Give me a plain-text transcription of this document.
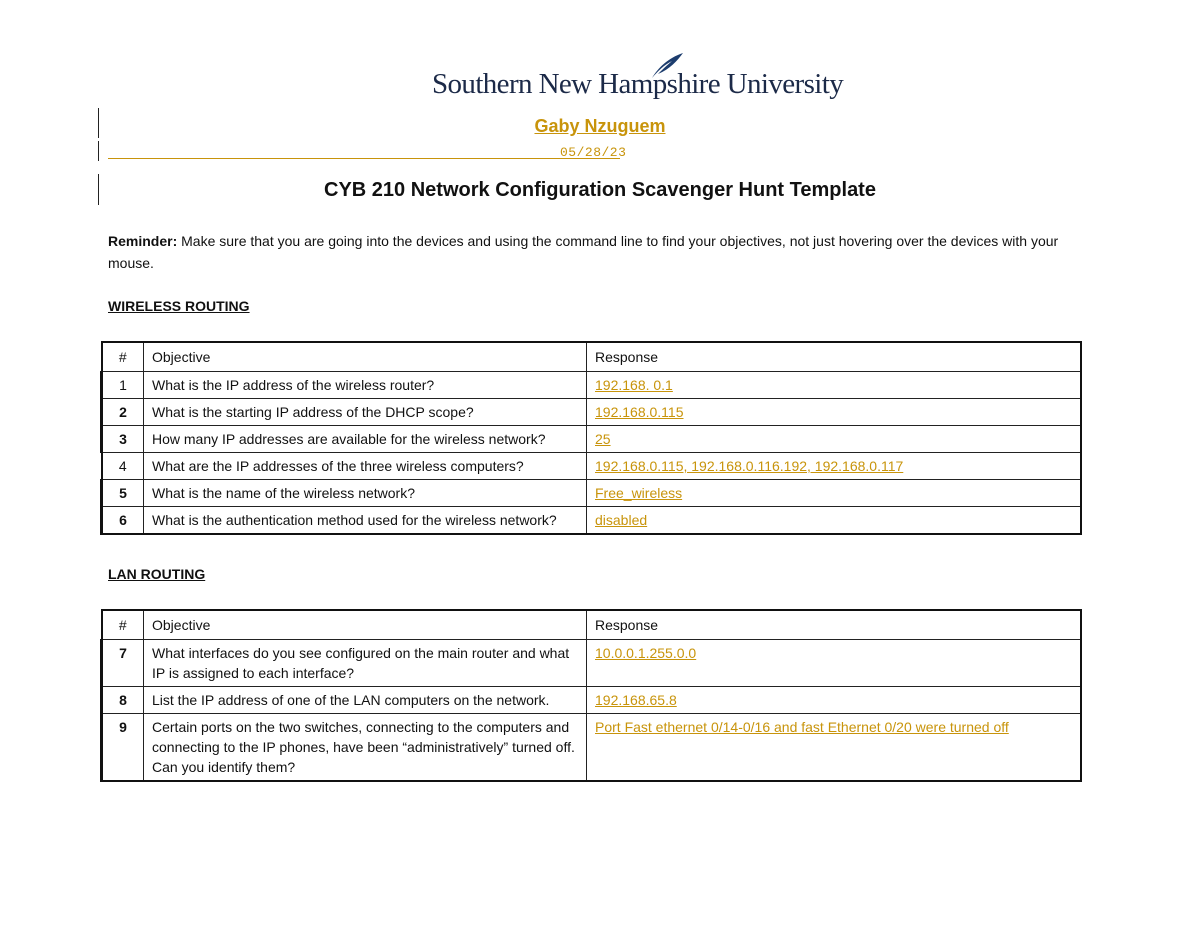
Southern New Hampshire University
Gaby Nzuguem
05/28/23
CYB 210 Network Configuration Scavenger Hunt Template
Reminder: Make sure that you are going into the devices and using the command line to find your objectives, not just hovering over the devices with your mouse.
WIRELESS ROUTING
#	Objective	Response
1	What is the IP address of the wireless router?	192.168. 0.1
2	What is the starting IP address of the DHCP scope?	192.168.0.115
3	How many IP addresses are available for the wireless network?	25
4	What are the IP addresses of the three wireless computers?	192.168.0.115, 192.168.0.116.192, 192.168.0.117
5	What is the name of the wireless network?	Free_wireless
6	What is the authentication method used for the wireless network?	disabled
LAN ROUTING
#	Objective	Response
7	What interfaces do you see configured on the main router and what IP is assigned to each interface?	10.0.0.1.255.0.0
8	List the IP address of one of the LAN computers on the network.	192.168.65.8
9	Certain ports on the two switches, connecting to the computers and connecting to the IP phones, have been “administratively” turned off. Can you identify them?	Port Fast ethernet 0/14-0/16 and fast Ethernet 0/20 were turned off
